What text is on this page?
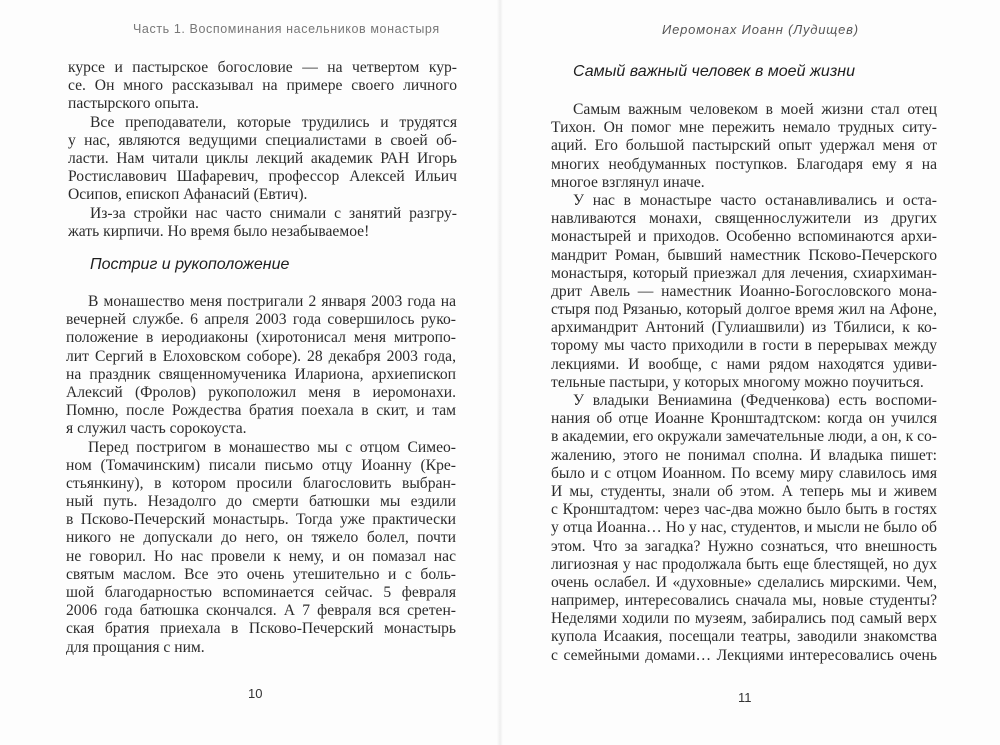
Часть 1. Воспоминания насельников монастыря
курсе и пастырское богословие — на четвертом кур-
се. Он много рассказывал на примере своего личного
пастырского опыта.
Все преподаватели, которые трудились и трудятся
у нас, являются ведущими специалистами в своей об-
ласти. Нам читали циклы лекций академик РАН Игорь
Ростиславович Шафаревич, профессор Алексей Ильич
Осипов, епископ Афанасий (Евтич).
Из-за стройки нас часто снимали с занятий разгру-
жать кирпичи. Но время было незабываемое!
Постриг и рукоположение
В монашество меня постригали 2 января 2003 года на
вечерней службе. 6 апреля 2003 года совершилось руко-
положение в иеродиаконы (хиротонисал меня митропо-
лит Сергий в Елоховском соборе). 28 декабря 2003 года,
на праздник священномученика Илариона, архиепископ
Алексий (Фролов) рукоположил меня в иеромонахи.
Помню, после Рождества братия поехала в скит, и там
я служил часть сорокоуста.
Перед постригом в монашество мы с отцом Симео-
ном (Томачинским) писали письмо отцу Иоанну (Кре-
стьянкину), в котором просили благословить выбран-
ный путь. Незадолго до смерти батюшки мы ездили
в Псково-Печерский монастырь. Тогда уже практически
никого не допускали до него, он тяжело болел, почти
не говорил. Но нас провели к нему, и он помазал нас
святым маслом. Все это очень утешительно и с боль-
шой благодарностью вспоминается сейчас. 5 февраля
2006 года батюшка скончался. А 7 февраля вся сретен-
ская братия приехала в Псково-Печерский монастырь
для прощания с ним.
10
Иеромонах Иоанн (Лудищев)
Самый важный человек в моей жизни
Самым важным человеком в моей жизни стал отец
Тихон. Он помог мне пережить немало трудных ситу-
аций. Его большой пастырский опыт удержал меня от
многих необдуманных поступков. Благодаря ему я на
многое взглянул иначе.
У нас в монастыре часто останавливались и оста-
навливаются монахи, священнослужители из других
монастырей и приходов. Особенно вспоминаются архи-
мандрит Роман, бывший наместник Псково-Печерского
монастыря, который приезжал для лечения, схиархиман-
дрит Авель — наместник Иоанно-Богословского мона-
стыря под Рязанью, который долгое время жил на Афоне,
архимандрит Антоний (Гулиашвили) из Тбилиси, к ко-
торому мы часто приходили в гости в перерывах между
лекциями. И вообще, с нами рядом находятся удиви-
тельные пастыри, у которых многому можно поучиться.
У владыки Вениамина (Федченкова) есть воспоми-
нания об отце Иоанне Кронштадтском: когда он учился
в академии, его окружали замечательные люди, а он, к со-
жалению, этого не понимал сполна. И владыка пишет:
было и с отцом Иоанном. По всему миру славилось имя
И мы, студенты, знали об этом. А теперь мы и живем
с Кронштадтом: через час-два можно было быть в гостях
у отца Иоанна… Но у нас, студентов, и мысли не было об
этом. Что за загадка? Нужно сознаться, что внешность
лигиозная у нас продолжала быть еще блестящей, но дух
очень ослабел. И «духовные» сделались мирскими. Чем,
например, интересовались сначала мы, новые студенты?
Неделями ходили по музеям, забирались под самый верх
купола Исаакия, посещали театры, заводили знакомства
с семейными домами… Лекциями интересовались очень
11
